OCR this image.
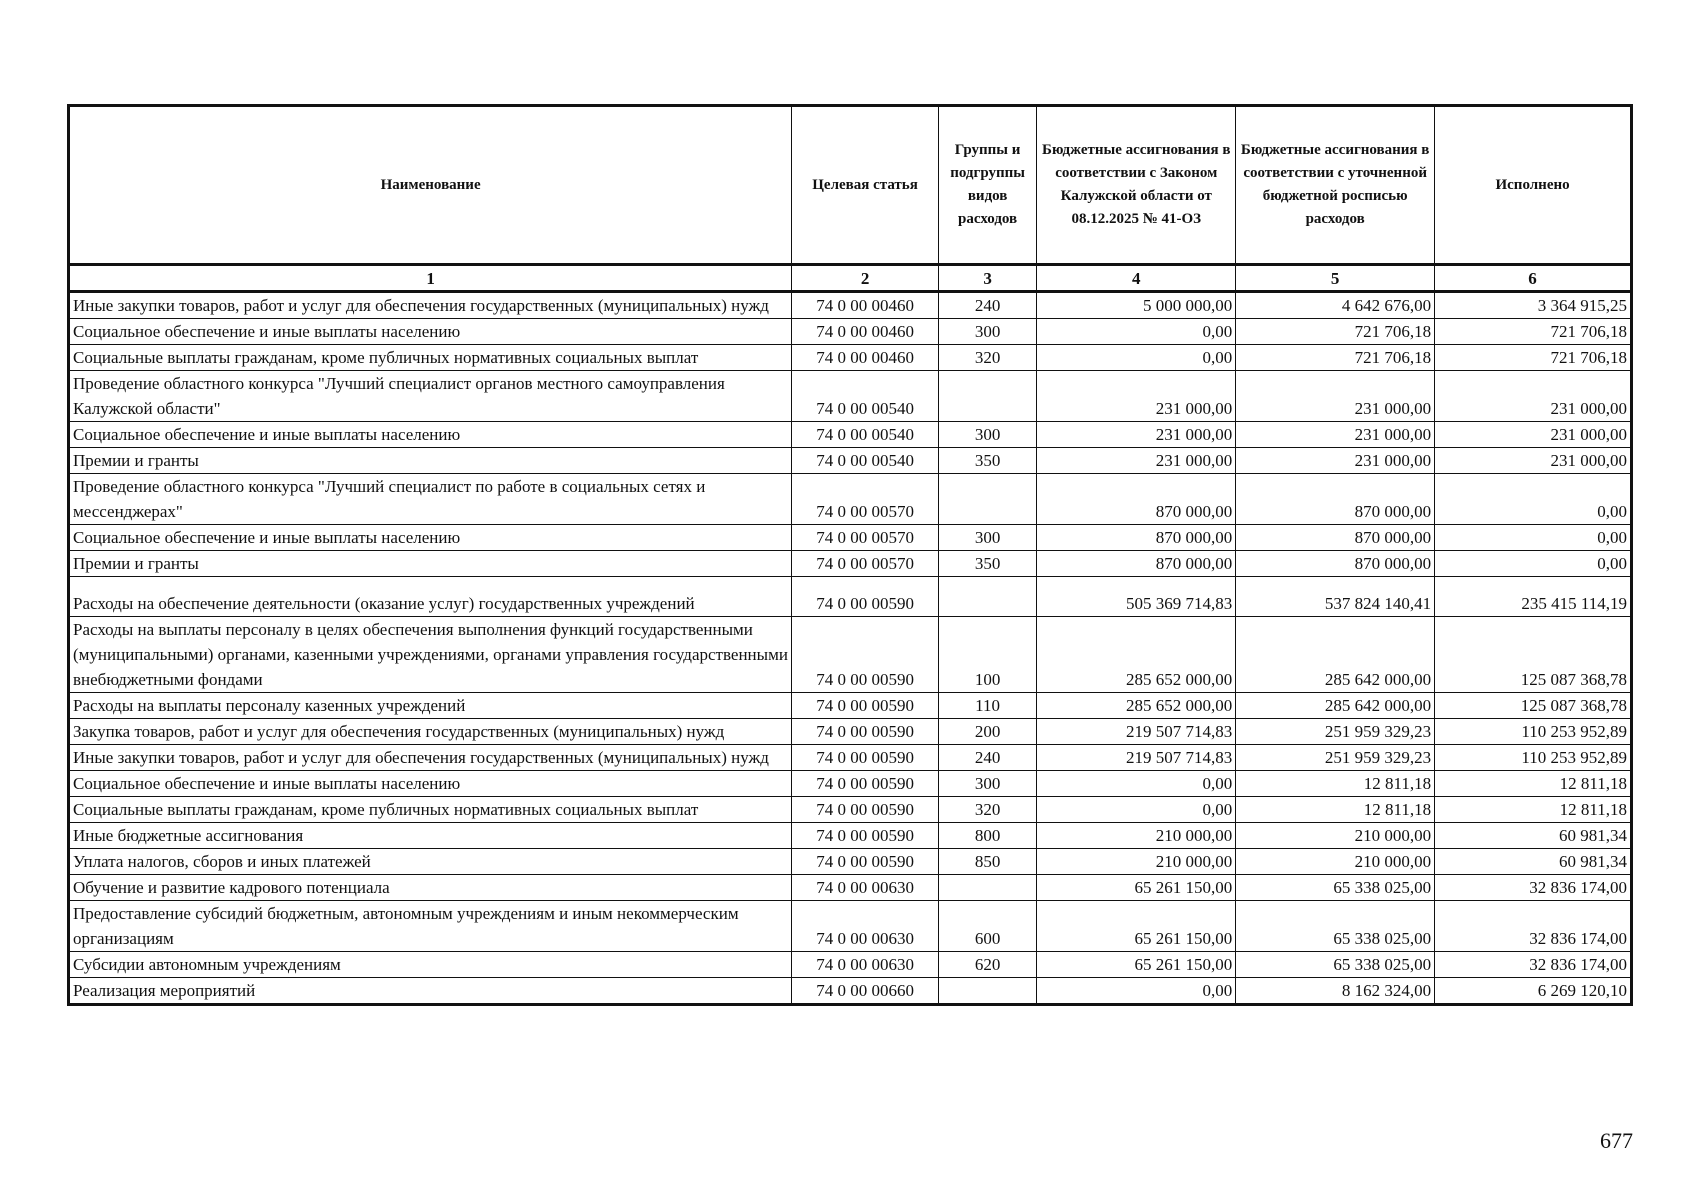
Наименование	Целевая статья	Группы и подгруппы видов расходов	Бюджетные ассигнования в соответствии с Законом Калужской области от 08.12.2025 № 41-ОЗ	Бюджетные ассигнования в соответствии с уточненной бюджетной росписью расходов	Исполнено
1	2	3	4	5	6
Иные закупки товаров, работ и услуг для обеспечения государственных (муниципальных) нужд	74 0 00 00460	240	5 000 000,00	4 642 676,00	3 364 915,25
Социальное обеспечение и иные выплаты населению	74 0 00 00460	300	0,00	721 706,18	721 706,18
Социальные выплаты гражданам, кроме публичных нормативных социальных выплат	74 0 00 00460	320	0,00	721 706,18	721 706,18
Проведение областного конкурса "Лучший специалист органов местного самоуправления Калужской области"	74 0 00 00540		231 000,00	231 000,00	231 000,00
Социальное обеспечение и иные выплаты населению	74 0 00 00540	300	231 000,00	231 000,00	231 000,00
Премии и гранты	74 0 00 00540	350	231 000,00	231 000,00	231 000,00
Проведение областного конкурса "Лучший специалист по работе в социальных сетях и мессенджерах"	74 0 00 00570		870 000,00	870 000,00	0,00
Социальное обеспечение и иные выплаты населению	74 0 00 00570	300	870 000,00	870 000,00	0,00
Премии и гранты	74 0 00 00570	350	870 000,00	870 000,00	0,00
Расходы на обеспечение деятельности (оказание услуг) государственных учреждений	74 0 00 00590		505 369 714,83	537 824 140,41	235 415 114,19
Расходы на выплаты персоналу в целях обеспечения выполнения функций государственными (муниципальными) органами, казенными учреждениями, органами управления государственными внебюджетными фондами	74 0 00 00590	100	285 652 000,00	285 642 000,00	125 087 368,78
Расходы на выплаты персоналу казенных учреждений	74 0 00 00590	110	285 652 000,00	285 642 000,00	125 087 368,78
Закупка товаров, работ и услуг для обеспечения государственных (муниципальных) нужд	74 0 00 00590	200	219 507 714,83	251 959 329,23	110 253 952,89
Иные закупки товаров, работ и услуг для обеспечения государственных (муниципальных) нужд	74 0 00 00590	240	219 507 714,83	251 959 329,23	110 253 952,89
Социальное обеспечение и иные выплаты населению	74 0 00 00590	300	0,00	12 811,18	12 811,18
Социальные выплаты гражданам, кроме публичных нормативных социальных выплат	74 0 00 00590	320	0,00	12 811,18	12 811,18
Иные бюджетные ассигнования	74 0 00 00590	800	210 000,00	210 000,00	60 981,34
Уплата налогов, сборов и иных платежей	74 0 00 00590	850	210 000,00	210 000,00	60 981,34
Обучение и развитие кадрового потенциала	74 0 00 00630		65 261 150,00	65 338 025,00	32 836 174,00
Предоставление субсидий бюджетным, автономным учреждениям и иным некоммерческим организациям	74 0 00 00630	600	65 261 150,00	65 338 025,00	32 836 174,00
Субсидии автономным учреждениям	74 0 00 00630	620	65 261 150,00	65 338 025,00	32 836 174,00
Реализация мероприятий	74 0 00 00660		0,00	8 162 324,00	6 269 120,10
677
